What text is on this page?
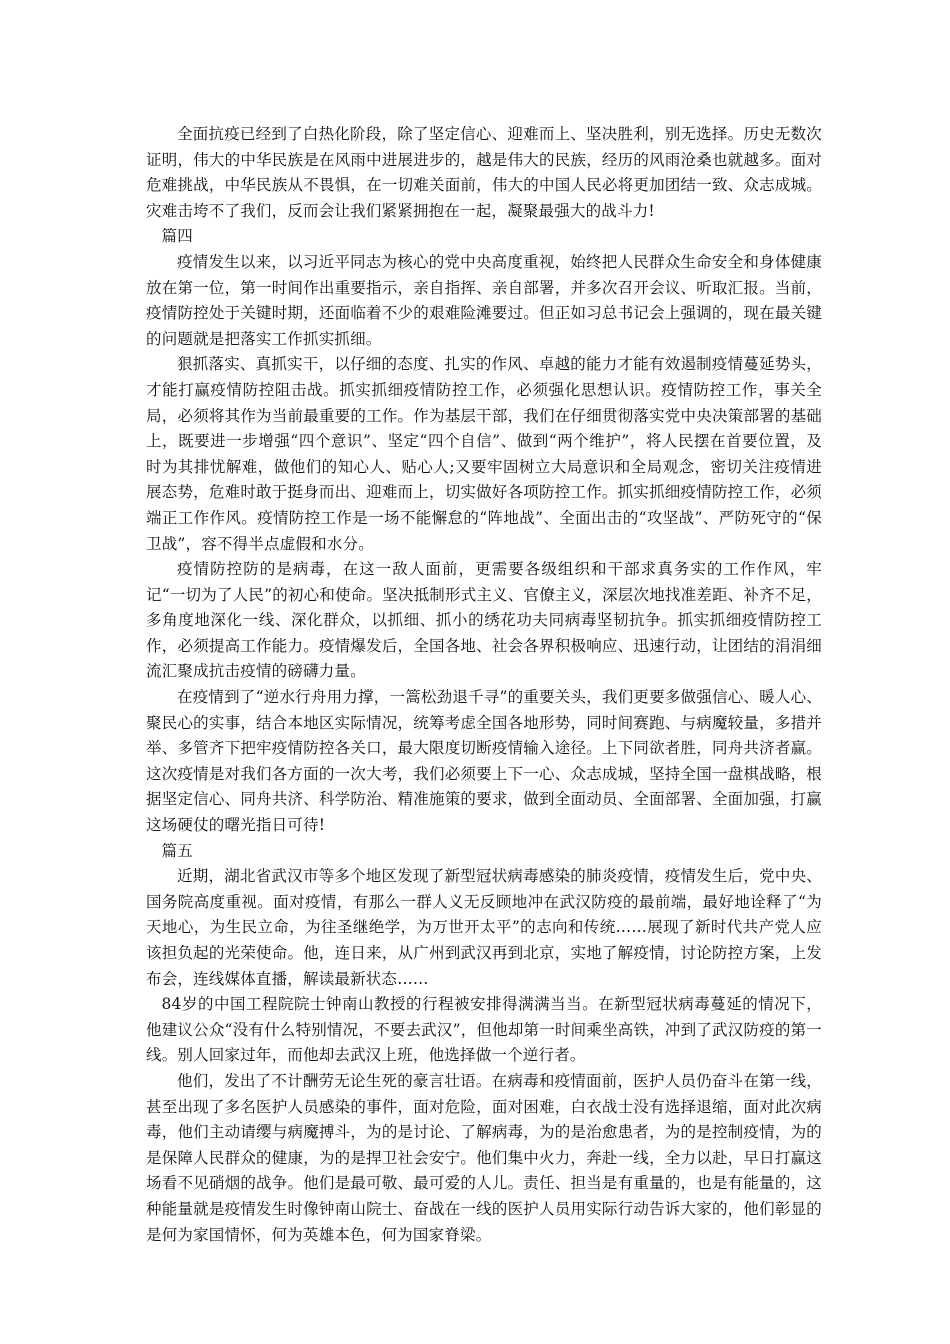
全面抗疫已经到了白热化阶段，除了坚定信心、迎难而上、坚决胜利，别无选择。历史无数次证明，伟大的中华民族是在风雨中进展进步的，越是伟大的民族，经历的风雨沧桑也就越多。面对危难挑战，中华民族从不畏惧，在一切难关面前，伟大的中国人民必将更加团结一致、众志成城。灾难击垮不了我们，反而会让我们紧紧拥抱在一起，凝聚最强大的战斗力!

篇四

疫情发生以来，以习近平同志为核心的党中央高度重视，始终把人民群众生命安全和身体健康放在第一位，第一时间作出重要指示，亲自指挥、亲自部署，并多次召开会议、听取汇报。当前，疫情防控处于关键时期，还面临着不少的艰难险滩要过。但正如习总书记会上强调的，现在最关键的问题就是把落实工作抓实抓细。

狠抓落实、真抓实干，以仔细的态度、扎实的作风、卓越的能力才能有效遏制疫情蔓延势头，才能打赢疫情防控阻击战。抓实抓细疫情防控工作，必须强化思想认识。疫情防控工作，事关全局，必须将其作为当前最重要的工作。作为基层干部，我们在仔细贯彻落实党中央决策部署的基础上，既要进一步增强“四个意识”、坚定“四个自信”、做到“两个维护”，将人民摆在首要位置，及时为其排忧解难，做他们的知心人、贴心人;又要牢固树立大局意识和全局观念，密切关注疫情进展态势，危难时敢于挺身而出、迎难而上，切实做好各项防控工作。抓实抓细疫情防控工作，必须端正工作作风。疫情防控工作是一场不能懈怠的“阵地战”、全面出击的“攻坚战”、严防死守的“保卫战”，容不得半点虚假和水分。

疫情防控防的是病毒，在这一敌人面前，更需要各级组织和干部求真务实的工作作风，牢记“一切为了人民”的初心和使命。坚决抵制形式主义、官僚主义，深层次地找准差距、补齐不足，多角度地深化一线、深化群众，以抓细、抓小的绣花功夫同病毒坚韧抗争。抓实抓细疫情防控工作，必须提高工作能力。疫情爆发后，全国各地、社会各界积极响应、迅速行动，让团结的涓涓细流汇聚成抗击疫情的磅礴力量。

在疫情到了“逆水行舟用力撑，一篙松劲退千寻”的重要关头，我们更要多做强信心、暖人心、聚民心的实事，结合本地区实际情况，统筹考虑全国各地形势，同时间赛跑、与病魔较量，多措并举、多管齐下把牢疫情防控各关口，最大限度切断疫情输入途径。上下同欲者胜，同舟共济者赢。这次疫情是对我们各方面的一次大考，我们必须要上下一心、众志成城，坚持全国一盘棋战略，根据坚定信心、同舟共济、科学防治、精准施策的要求，做到全面动员、全面部署、全面加强，打赢这场硬仗的曙光指日可待!

篇五

近期，湖北省武汉市等多个地区发现了新型冠状病毒感染的肺炎疫情，疫情发生后，党中央、国务院高度重视。面对疫情，有那么一群人义无反顾地冲在武汉防疫的最前端，最好地诠释了“为天地心，为生民立命，为往圣继绝学，为万世开太平”的志向和传统……展现了新时代共产党人应该担负起的光荣使命。他，连日来，从广州到武汉再到北京，实地了解疫情，讨论防控方案，上发布会，连线媒体直播，解读最新状态……

84岁的中国工程院院士钟南山教授的行程被安排得满满当当。在新型冠状病毒蔓延的情况下，他建议公众“没有什么特别情况，不要去武汉”，但他却第一时间乘坐高铁，冲到了武汉防疫的第一线。别人回家过年，而他却去武汉上班，他选择做一个逆行者。

他们，发出了不计酬劳无论生死的豪言壮语。在病毒和疫情面前，医护人员仍奋斗在第一线，甚至出现了多名医护人员感染的事件，面对危险，面对困难，白衣战士没有选择退缩，面对此次病毒，他们主动请缨与病魔搏斗，为的是讨论、了解病毒，为的是治愈患者，为的是控制疫情，为的是保障人民群众的健康，为的是捍卫社会安宁。他们集中火力，奔赴一线，全力以赴，早日打赢这场看不见硝烟的战争。他们是最可敬、最可爱的人儿。责任、担当是有重量的，也是有能量的，这种能量就是疫情发生时像钟南山院士、奋战在一线的医护人员用实际行动告诉大家的，他们彰显的是何为家国情怀，何为英雄本色，何为国家脊梁。
